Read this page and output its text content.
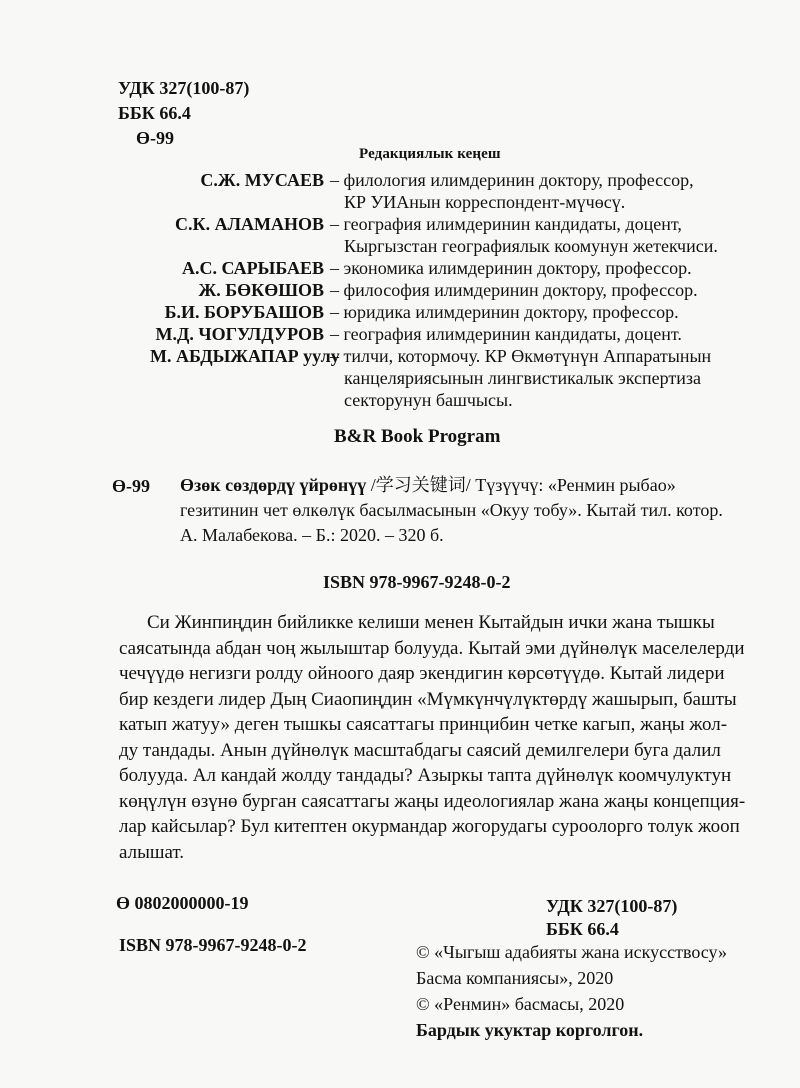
УДК 327(100-87)
ББК 66.4
Ө-99
Редакциялык кеңеш
С.Ж. МУСАЕВ – филология илимдеринин доктору, профессор,
КР УИАнын корреспондент-мүчөсү.
С.К. АЛАМАНОВ – география илимдеринин кандидаты, доцент,
Кыргызстан географиялык коомунун жетекчиси.
А.С. САРЫБАЕВ – экономика илимдеринин доктору, профессор.
Ж. БӨКӨШОВ – философия илимдеринин доктору, профессор.
Б.И. БОРУБАШОВ – юридика илимдеринин доктору, профессор.
М.Д. ЧОГУЛДУРОВ – география илимдеринин кандидаты, доцент.
М. АБДЫЖАПАР уулу
– тилчи, котормочу. КР Өкмөтүнүн Аппаратынын
канцеляриясынын лингвистикалык экспертиза
секторунун башчысы.
B&R Book Program
Ө-99 Өзөк сөздөрдү үйрөнүү /学习关键词/ Түзүүчү: «Ренмин рыбао»
гезитинин чет өлкөлүк басылмасынын «Окуу тобу». Кытай тил. котор.
А. Малабекова. – Б.: 2020. – 320 б.
ISBN 978-9967-9248-0-2
Си Жинпиңдин бийликке келиши менен Кытайдын ички жана тышкы
саясатында абдан чоң жылыштар болууда. Кытай эми дүйнөлүк маселелерди
чечүүдө негизги ролду ойноого даяр экендигин көрсөтүүдө. Кытай лидери
бир кездеги лидер Дың Сиаопиңдин «Мүмкүнчүлүктөрдү жашырып, башты
катып жатуу» деген тышкы саясаттагы принцибин четке кагып, жаңы жол-
ду тандады. Анын дүйнөлүк масштабдагы саясий демилгелери буга далил
болууда. Ал кандай жолду тандады? Азыркы тапта дүйнөлүк коомчулуктун
көңүлүн өзүнө бурган саясаттагы жаңы идеологиялар жана жаңы концепция-
лар кайсылар? Бул китептен окурмандар жогорудагы суроолорго толук жооп
алышат.
Ө 0802000000-19
ISBN 978-9967-9248-0-2
УДК 327(100-87)
ББК 66.4
© «Чыгыш адабияты жана искусствосу»
Басма компаниясы», 2020
© «Ренмин» басмасы, 2020
Бардык укуктар корголгон.
